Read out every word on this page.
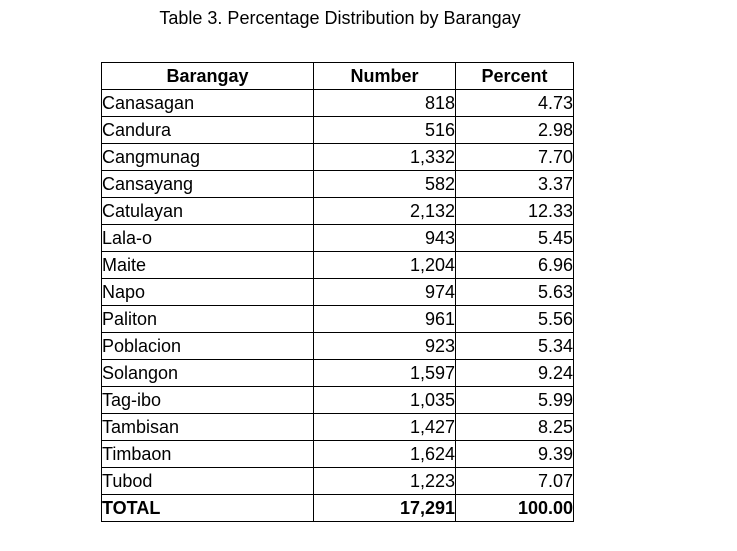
Table 3. Percentage Distribution by Barangay
Barangay	Number	Percent
Canasagan	818	4.73
Candura	516	2.98
Cangmunag	1,332	7.70
Cansayang	582	3.37
Catulayan	2,132	12.33
Lala-o	943	5.45
Maite	1,204	6.96
Napo	974	5.63
Paliton	961	5.56
Poblacion	923	5.34
Solangon	1,597	9.24
Tag-ibo	1,035	5.99
Tambisan	1,427	8.25
Timbaon	1,624	9.39
Tubod	1,223	7.07
TOTAL	17,291	100.00
